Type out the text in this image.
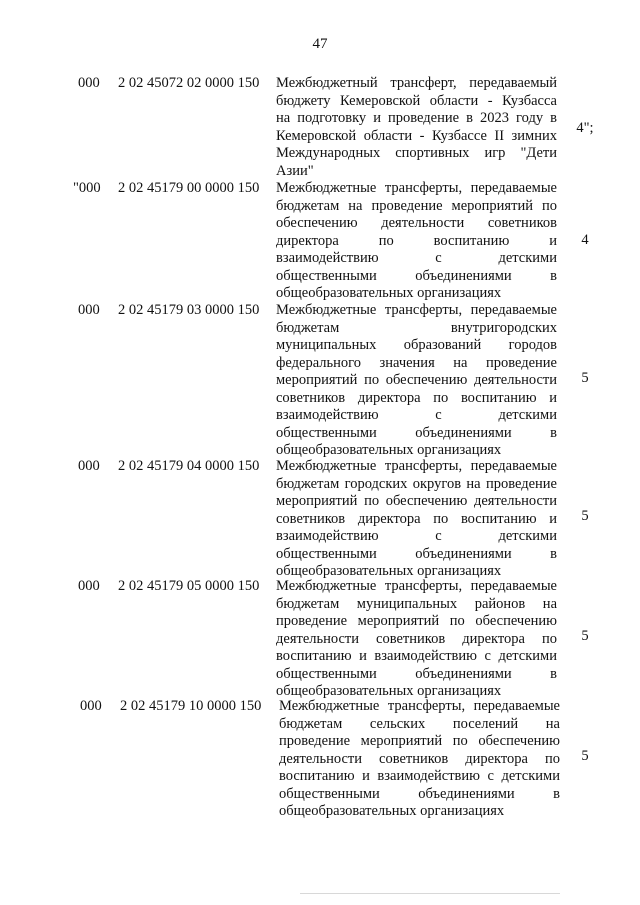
47
000 2 02 45072 02 0000 150 Межбюджетный трансферт, передаваемый
бюджету Кемеровской области - Кузбасса
на подготовку и проведение в 2023 году в
Кемеровской области - Кузбассе II зимних
Международных спортивных игр "Дети
Азии"
4";
"000 2 02 45179 00 0000 150 Межбюджетные трансферты, передаваемые
бюджетам на проведение мероприятий по
обеспечению деятельности советников
директора по воспитанию и
взаимодействию с детскими
общественными объединениями в
общеобразовательных организациях
4
000 2 02 45179 03 0000 150 Межбюджетные трансферты, передаваемые
бюджетам внутригородских
муниципальных образований городов
федерального значения на проведение
мероприятий по обеспечению деятельности
советников директора по воспитанию и
взаимодействию с детскими
общественными объединениями в
общеобразовательных организациях
5
000 2 02 45179 04 0000 150 Межбюджетные трансферты, передаваемые
бюджетам городских округов на проведение
мероприятий по обеспечению деятельности
советников директора по воспитанию и
взаимодействию с детскими
общественными объединениями в
общеобразовательных организациях
5
000 2 02 45179 05 0000 150 Межбюджетные трансферты, передаваемые
бюджетам муниципальных районов на
проведение мероприятий по обеспечению
деятельности советников директора по
воспитанию и взаимодействию с детскими
общественными объединениями в
общеобразовательных организациях
5
000 2 02 45179 10 0000 150 Межбюджетные трансферты, передаваемые
бюджетам сельских поселений на
проведение мероприятий по обеспечению
деятельности советников директора по
воспитанию и взаимодействию с детскими
общественными объединениями в
общеобразовательных организациях
5
